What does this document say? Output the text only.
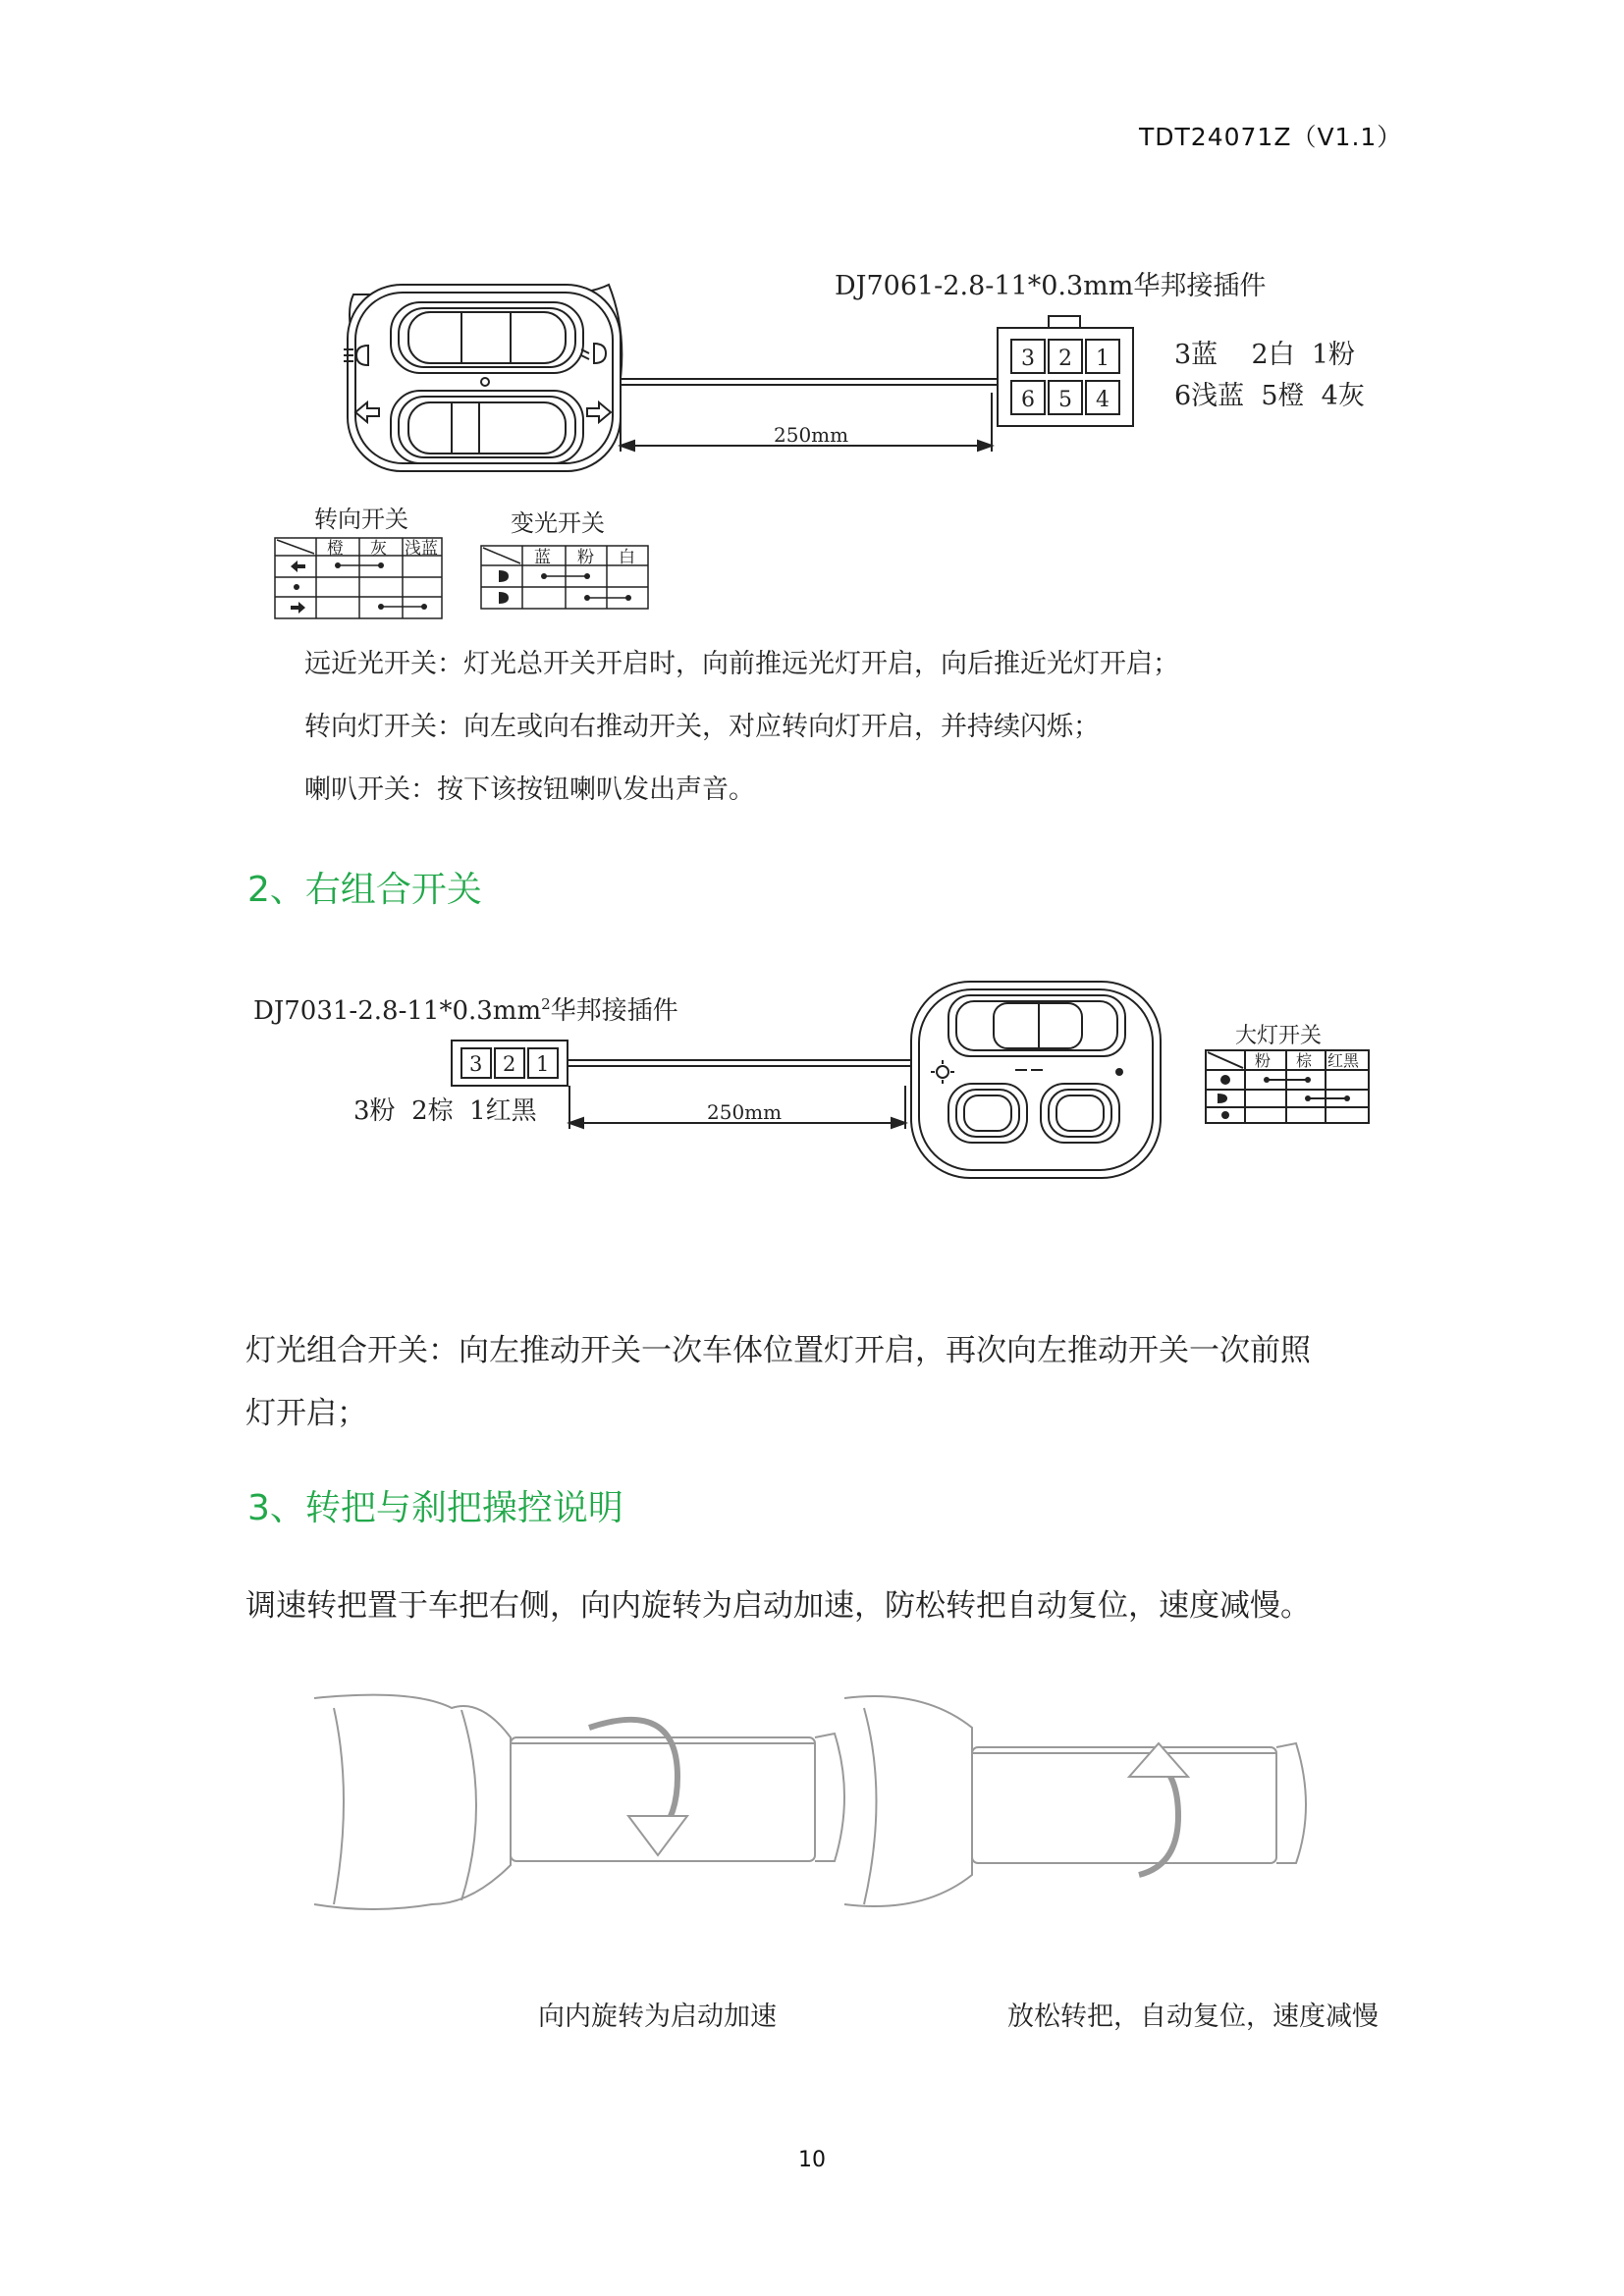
TDT24071Z（V1.1）
DJ7061-2.8-11*0.3mm华邦接插件
3 2 1
6 5 4
3蓝    2白  1粉
6浅蓝  5橙  4灰
250mm
转向开关
橙 灰 浅蓝
变光开关
蓝 粉 白
远近光开关：灯光总开关开启时，向前推远光灯开启，向后推近光灯开启；
转向灯开关：向左或向右推动开关，对应转向灯开启，并持续闪烁；
喇叭开关：按下该按钮喇叭发出声音。
2、右组合开关
$DJ7031-2.8-11*0.3mm^2$华邦接插件
3 2 1
3粉  2棕  1红黑	250mm
大灯开关
粉 棕 红黑
灯光组合开关：向左推动开关一次车体位置灯开启，再次向左推动开关一次前照
灯开启；
3、转把与刹把操控说明
调速转把置于车把右侧，向内旋转为启动加速，防松转把自动复位，速度减慢。
向内旋转为启动加速	放松转把，自动复位，速度减慢
10
